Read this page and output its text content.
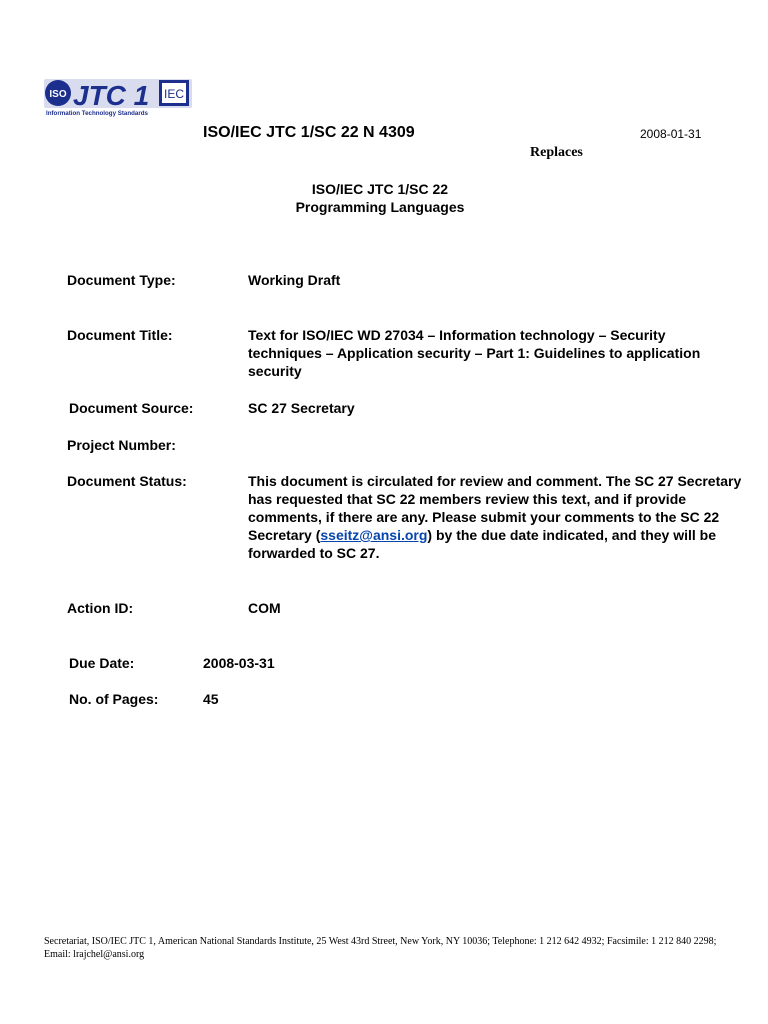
ISO JTC 1 IEC
Information Technology Standards
ISO/IEC JTC 1/SC 22 N 4309	2008-01-31
Replaces
ISO/IEC JTC 1/SC 22
Programming Languages
Document Type:	Working Draft
Document Title:	Text for ISO/IEC WD 27034 – Information technology – Security techniques – Application security – Part 1: Guidelines to application security
Document Source:	SC 27 Secretary
Project Number:
Document Status:	This document is circulated for review and comment. The SC 27 Secretary has requested that SC 22 members review this text, and if provide comments, if there are any. Please submit your comments to the SC 22 Secretary (sseitz@ansi.org) by the due date indicated, and they will be forwarded to SC 27.
Action ID:	COM
Due Date:	2008-03-31
No. of Pages:	45
Secretariat, ISO/IEC JTC 1, American National Standards Institute, 25 West 43rd Street, New York, NY 10036; Telephone: 1 212 642 4932; Facsimile: 1 212 840 2298; Email: lrajchel@ansi.org
